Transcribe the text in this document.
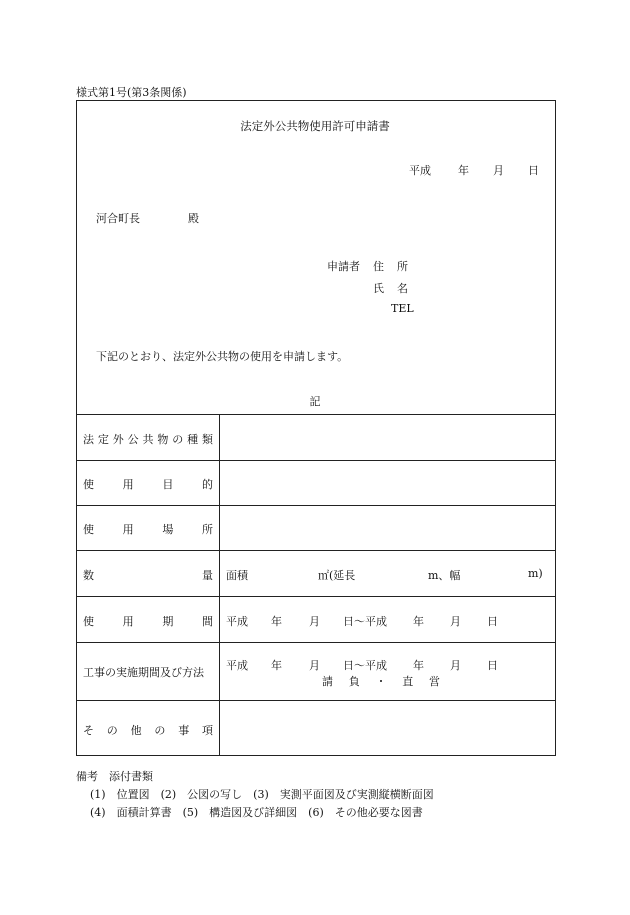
様式第1号(第3条関係)
法定外公共物使用許可申請書
平成 年 月 日
河合町長	殿
申請者 住 所
氏 名
TEL
下記のとおり、法定外公共物の使用を申請します。
記
法 定 外 公 共 物 の 種 類
使	用	目	的
使	用	場	所
数	量 面積	㎡(延長	m、幅	m)
使	用	期	間 平成 年 月 日～平成 年 月 日
工事の実施期間及び方法
平成 年 月 日～平成 年 月 日
請 負 ・ 直 営
そ の 他 の 事 項
備考　添付書類
(1)　位置図　(2)　公図の写し　(3)　実測平面図及び実測縦横断面図
(4)　面積計算書　(5)　構造図及び詳細図　(6)　その他必要な図書
